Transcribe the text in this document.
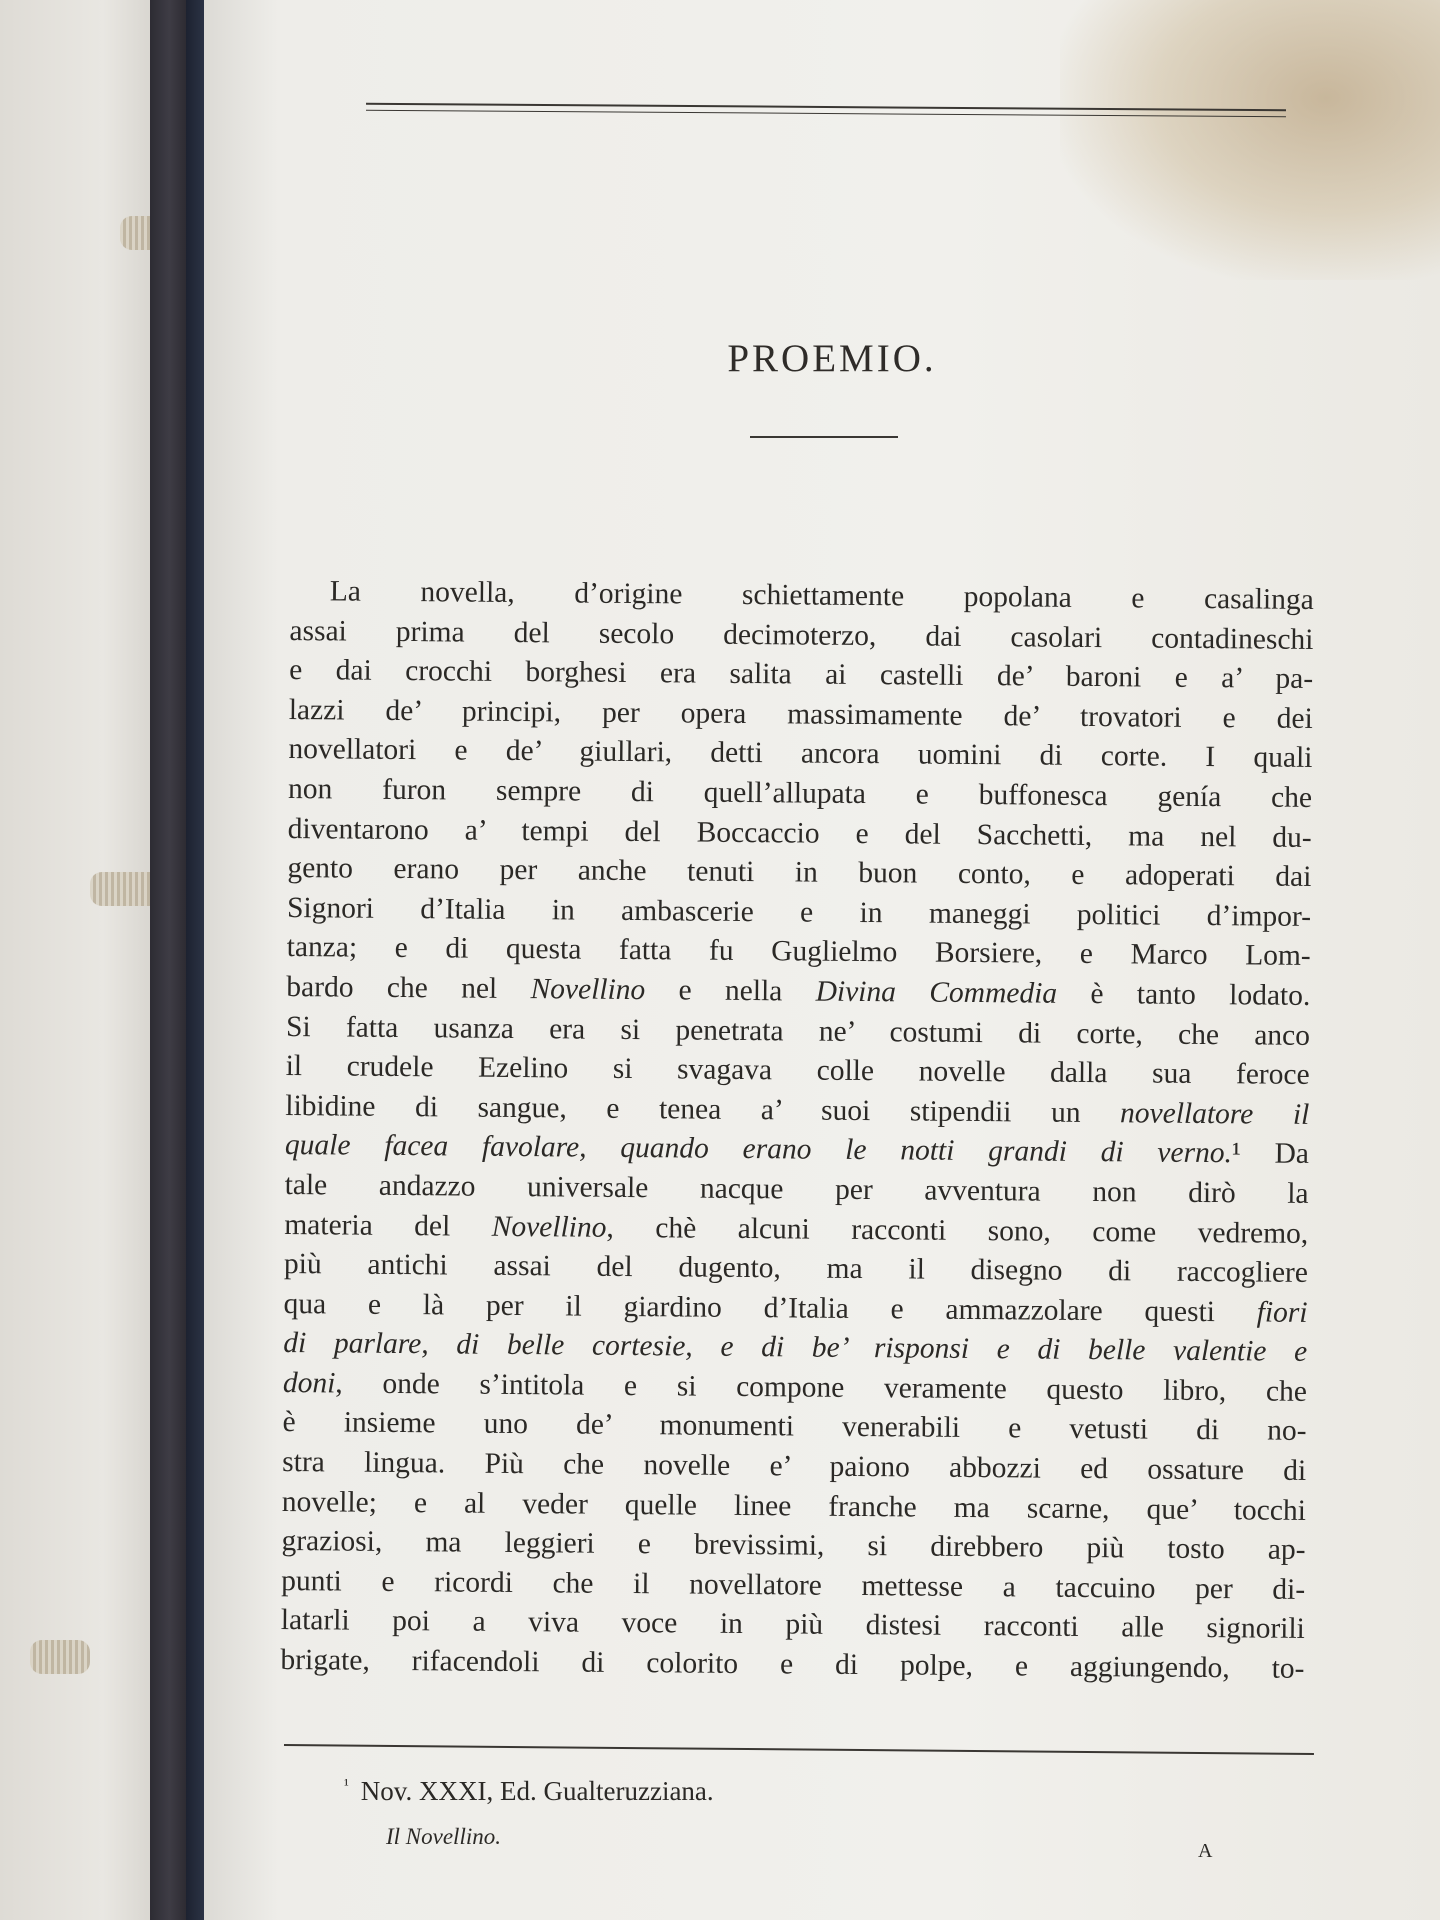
PROEMIO.
La novella, d’origine schiettamente popolana e casalinga
assai prima del secolo decimoterzo, dai casolari contadineschi
e dai crocchi borghesi era salita ai castelli de’ baroni e a’ pa-
lazzi de’ principi, per opera massimamente de’ trovatori e dei
novellatori e de’ giullari, detti ancora uomini di corte. I quali
non furon sempre di quell’allupata e buffonesca genía che
diventarono a’ tempi del Boccaccio e del Sacchetti, ma nel du-
gento erano per anche tenuti in buon conto, e adoperati dai
Signori d’Italia in ambascerie e in maneggi politici d’impor-
tanza; e di questa fatta fu Guglielmo Borsiere, e Marco Lom-
bardo che nel Novellino e nella Divina Commedia è tanto lodato.
Si fatta usanza era si penetrata ne’ costumi di corte, che anco
il crudele Ezelino si svagava colle novelle dalla sua feroce
libidine di sangue, e tenea a’ suoi stipendii un novellatore il
quale facea favolare, quando erano le notti grandi di verno.¹ Da
tale andazzo universale nacque per avventura non dirò la
materia del Novellino, chè alcuni racconti sono, come vedremo,
più antichi assai del dugento, ma il disegno di raccogliere
qua e là per il giardino d’Italia e ammazzolare questi fiori
di parlare, di belle cortesie, e di be’ risponsi e di belle valentie e
doni, onde s’intitola e si compone veramente questo libro, che
è insieme uno de’ monumenti venerabili e vetusti di no-
stra lingua. Più che novelle e’ paiono abbozzi ed ossature di
novelle; e al veder quelle linee franche ma scarne, que’ tocchi
graziosi, ma leggieri e brevissimi, si direbbero più tosto ap-
punti e ricordi che il novellatore mettesse a taccuino per di-
latarli poi a viva voce in più distesi racconti alle signorili
brigate, rifacendoli di colorito e di polpe, e aggiungendo, to-
$^{^1}$ Nov. XXXI, Ed. Gualteruzziana.
Il Novellino.
A
